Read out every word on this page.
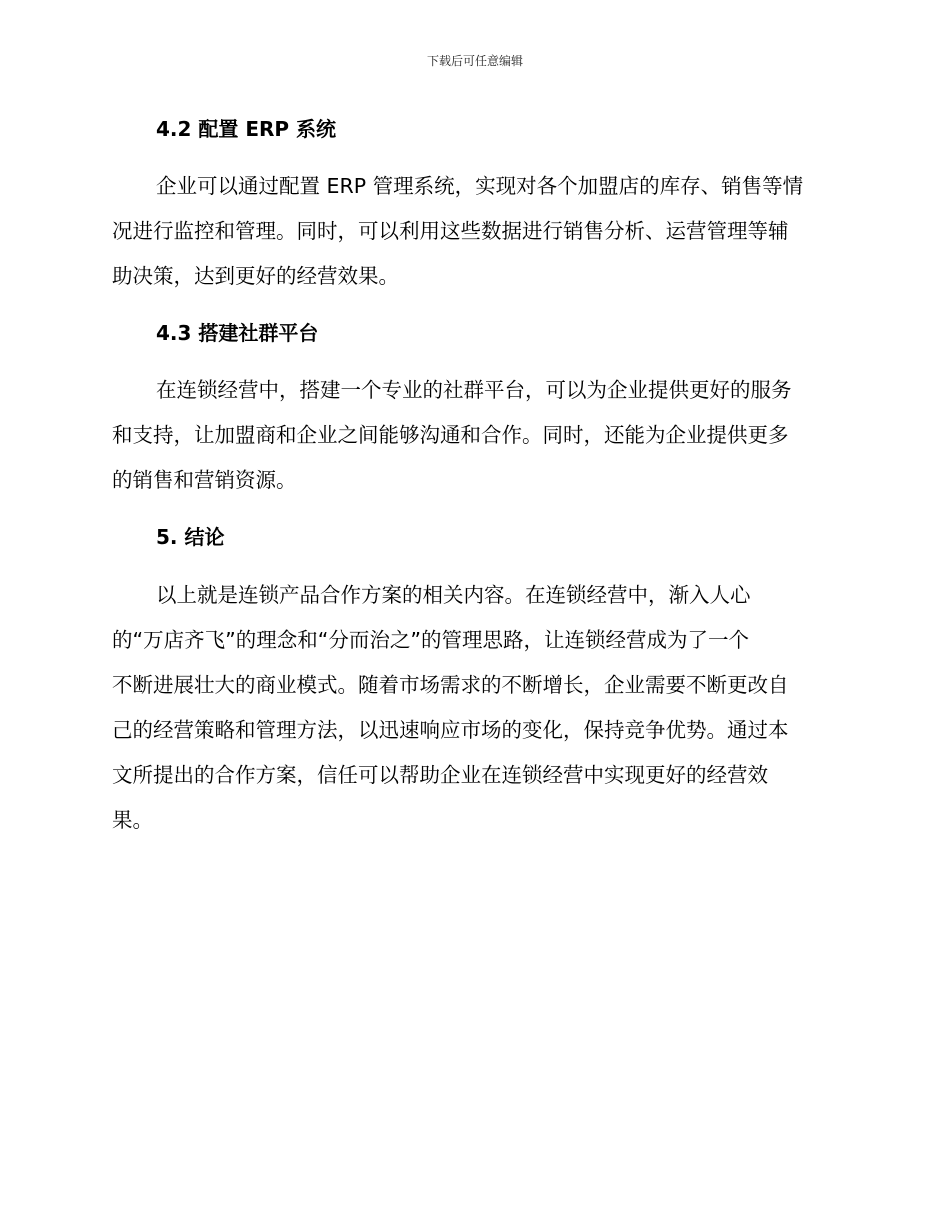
下载后可任意编辑
4.2 配置 ERP 系统
企业可以通过配置 ERP 管理系统，实现对各个加盟店的库存、销售等情
况进行监控和管理。同时，可以利用这些数据进行销售分析、运营管理等辅
助决策，达到更好的经营效果。
4.3 搭建社群平台
在连锁经营中，搭建一个专业的社群平台，可以为企业提供更好的服务
和支持，让加盟商和企业之间能够沟通和合作。同时，还能为企业提供更多
的销售和营销资源。
5. 结论
以上就是连锁产品合作方案的相关内容。在连锁经营中，渐入人心
的“万店齐飞”的理念和“分而治之”的管理思路，让连锁经营成为了一个
不断进展壮大的商业模式。随着市场需求的不断增长，企业需要不断更改自
己的经营策略和管理方法，以迅速响应市场的变化，保持竞争优势。通过本
文所提出的合作方案，信任可以帮助企业在连锁经营中实现更好的经营效
果。
